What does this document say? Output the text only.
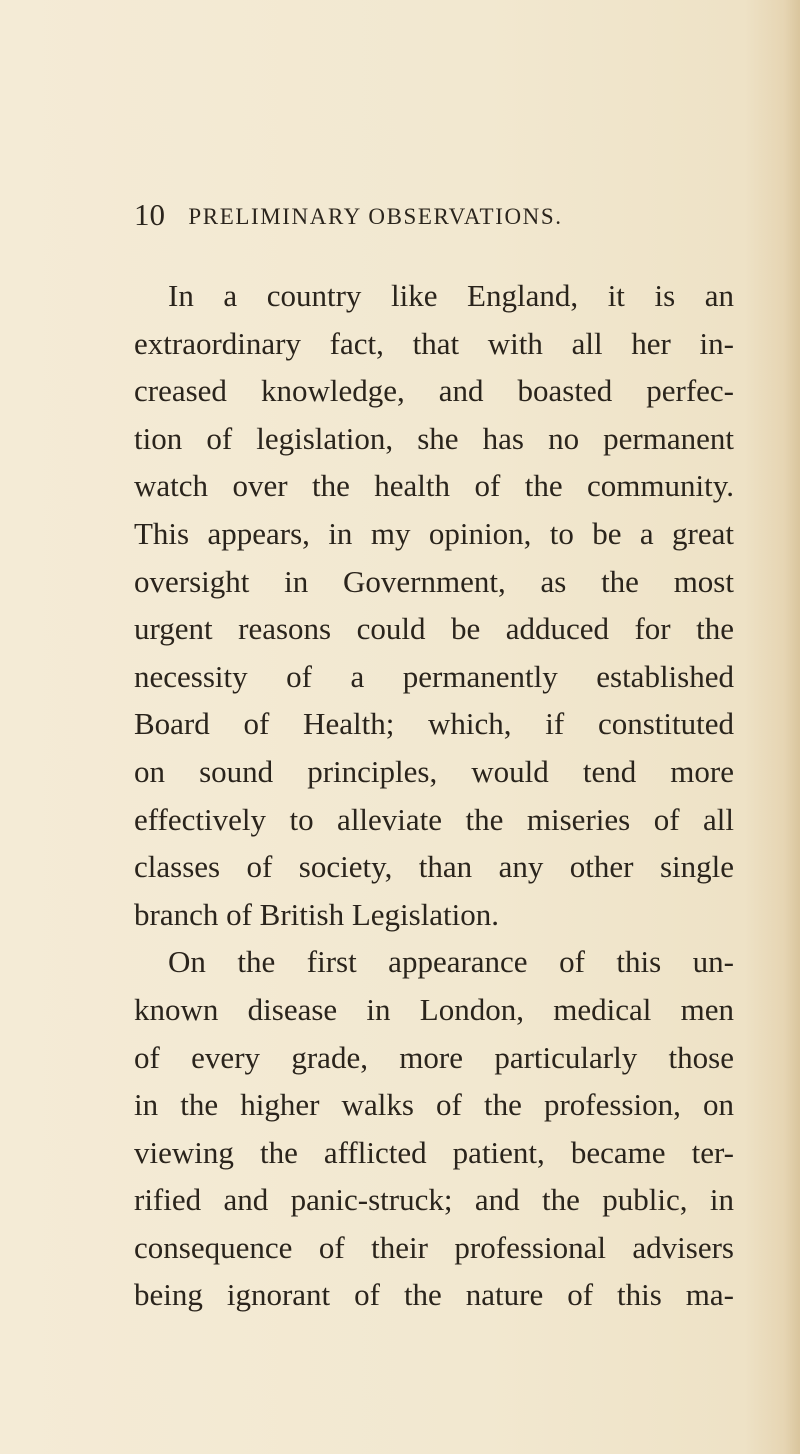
10 PRELIMINARY OBSERVATIONS.
In a country like England, it is an
extraordinary fact, that with all her in-
creased knowledge, and boasted perfec-
tion of legislation, she has no permanent
watch over the health of the community.
This appears, in my opinion, to be a great
oversight in Government, as the most
urgent reasons could be adduced for the
necessity of a permanently established
Board of Health; which, if constituted
on sound principles, would tend more
effectively to alleviate the miseries of all
classes of society, than any other single
branch of British Legislation.
On the first appearance of this un-
known disease in London, medical men
of every grade, more particularly those
in the higher walks of the profession, on
viewing the afflicted patient, became ter-
rified and panic-struck; and the public, in
consequence of their professional advisers
being ignorant of the nature of this ma-
